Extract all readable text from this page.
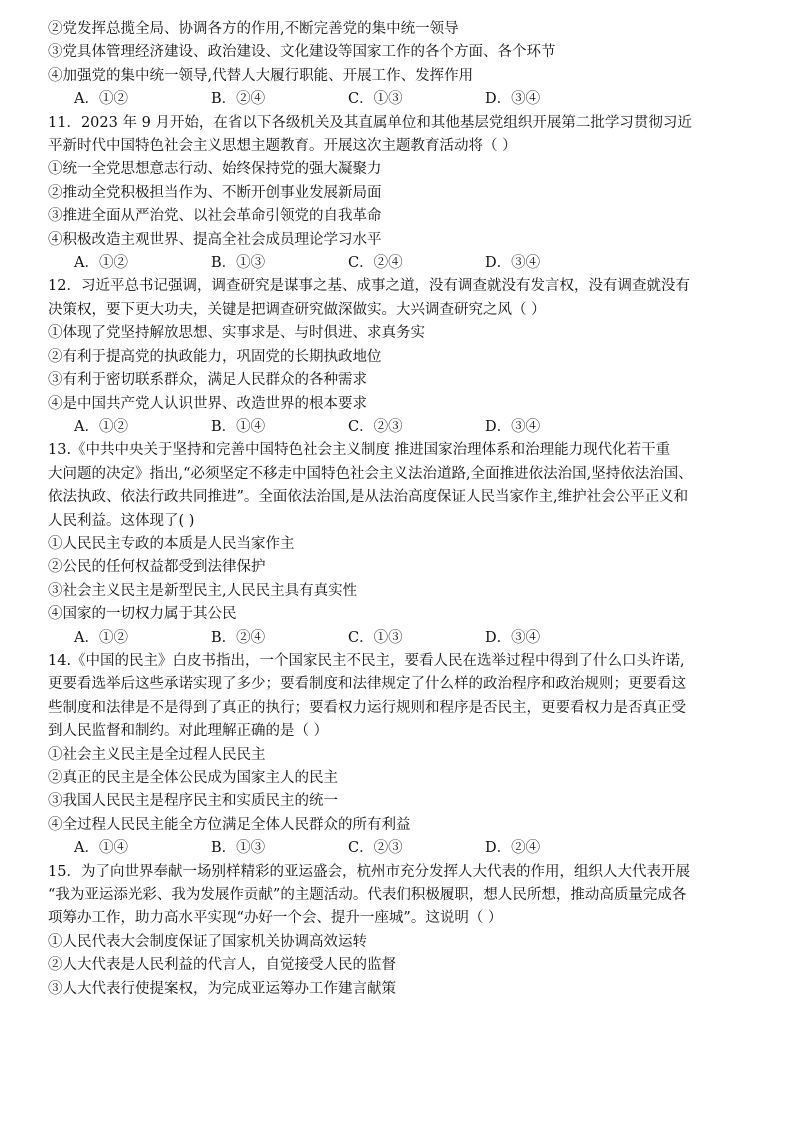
②党发挥总揽全局、协调各方的作用,不断完善党的集中统一领导
③党具体管理经济建设、政治建设、文化建设等国家工作的各个方面、各个环节
④加强党的集中统一领导,代替人大履行职能、开展工作、发挥作用
A．①②	B．②④	C．①③	D．③④
11．2023 年 9 月开始，在省以下各级机关及其直属单位和其他基层党组织开展第二批学习贯彻习近
平新时代中国特色社会主义思想主题教育。开展这次主题教育活动将（ ）
①统一全党思想意志行动、始终保持党的强大凝聚力
②推动全党积极担当作为、不断开创事业发展新局面
③推进全面从严治党、以社会革命引领党的自我革命
④积极改造主观世界、提高全社会成员理论学习水平
A．①②	B．①③	C．②④	D．③④
12．习近平总书记强调，调查研究是谋事之基、成事之道，没有调查就没有发言权，没有调查就没有
决策权，要下更大功夫，关键是把调查研究做深做实。大兴调查研究之风（ ）
①体现了党坚持解放思想、实事求是、与时俱进、求真务实
②有利于提高党的执政能力，巩固党的长期执政地位
③有利于密切联系群众，满足人民群众的各种需求
④是中国共产党人认识世界、改造世界的根本要求
A．①②	B．①④	C．②③	D．③④
13.《中共中央关于坚持和完善中国特色社会主义制度 推进国家治理体系和治理能力现代化若干重
大问题的决定》指出,“必须坚定不移走中国特色社会主义法治道路,全面推进依法治国,坚持依法治国、
依法执政、依法行政共同推进”。全面依法治国,是从法治高度保证人民当家作主,维护社会公平正义和
人民利益。这体现了( )
①人民民主专政的本质是人民当家作主
②公民的任何权益都受到法律保护
③社会主义民主是新型民主,人民民主具有真实性
④国家的一切权力属于其公民
A．①②	B．②④	C．①③	D．③④
14.《中国的民主》白皮书指出，一个国家民主不民主，要看人民在选举过程中得到了什么口头许诺,
更要看选举后这些承诺实现了多少；要看制度和法律规定了什么样的政治程序和政治规则；更要看这
些制度和法律是不是得到了真正的执行；要看权力运行规则和程序是否民主，更要看权力是否真正受
到人民监督和制约。对此理解正确的是（ ）
①社会主义民主是全过程人民民主
②真正的民主是全体公民成为国家主人的民主
③我国人民民主是程序民主和实质民主的统一
④全过程人民民主能全方位满足全体人民群众的所有利益
A．①④	B．①③	C．②③	D．②④
15．为了向世界奉献一场别样精彩的亚运盛会，杭州市充分发挥人大代表的作用，组织人大代表开展
“我为亚运添光彩、我为发展作贡献”的主题活动。代表们积极履职，想人民所想，推动高质量完成各
项筹办工作，助力高水平实现“办好一个会、提升一座城”。这说明（ ）
①人民代表大会制度保证了国家机关协调高效运转
②人大代表是人民利益的代言人，自觉接受人民的监督
③人大代表行使提案权，为完成亚运筹办工作建言献策
